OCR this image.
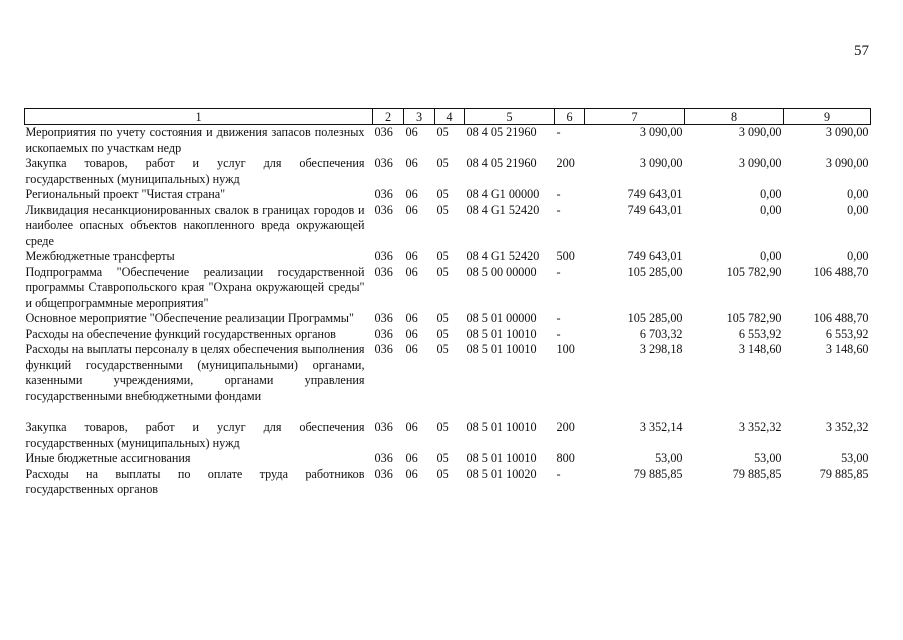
57
1	2	3	4	5	6	7	8	9
Мероприятия по учету состояния и движения запасов полезных ископаемых по участкам недр	036	06	05	08 4 05 21960	-	3 090,00	3 090,00	3 090,00
Закупка товаров, работ и услуг для обеспечения государственных (муниципальных) нужд	036	06	05	08 4 05 21960	200	3 090,00	3 090,00	3 090,00
Региональный проект "Чистая страна"	036	06	05	08 4 G1 00000	-	749 643,01	0,00	0,00
Ликвидация несанкционированных свалок в границах городов и наиболее опасных объектов накопленного вреда окружающей среде	036	06	05	08 4 G1 52420	-	749 643,01	0,00	0,00
Межбюджетные трансферты	036	06	05	08 4 G1 52420	500	749 643,01	0,00	0,00
Подпрограмма "Обеспечение реализации государственной программы Ставропольского края "Охрана окружающей среды" и общепрограммные мероприятия"	036	06	05	08 5 00 00000	-	105 285,00	105 782,90	106 488,70
Основное мероприятие "Обеспечение реализации Программы"	036	06	05	08 5 01 00000	-	105 285,00	105 782,90	106 488,70
Расходы на обеспечение функций государственных органов	036	06	05	08 5 01 10010	-	6 703,32	6 553,92	6 553,92
Расходы на выплаты персоналу в целях обеспечения выполнения функций государственными (муниципальными) органами, казенными учреждениями, органами управления государственными внебюджетными фондами	036	06	05	08 5 01 10010	100	3 298,18	3 148,60	3 148,60

Закупка товаров, работ и услуг для обеспечения государственных (муниципальных) нужд	036	06	05	08 5 01 10010	200	3 352,14	3 352,32	3 352,32
Иные бюджетные ассигнования	036	06	05	08 5 01 10010	800	53,00	53,00	53,00
Расходы на выплаты по оплате труда работников государственных органов	036	06	05	08 5 01 10020	-	79 885,85	79 885,85	79 885,85
